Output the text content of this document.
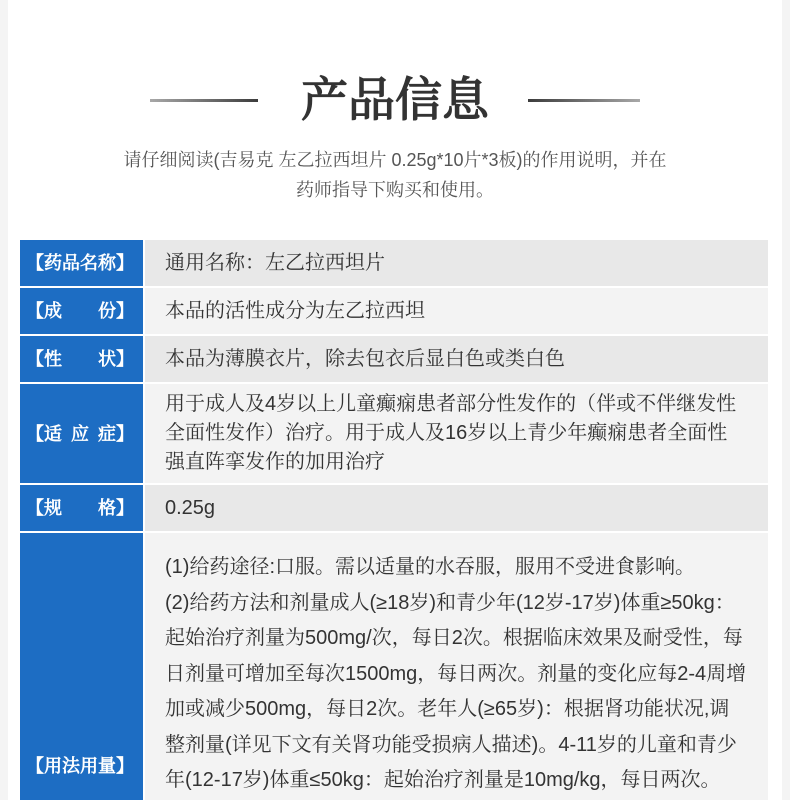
产品信息
请仔细阅读(吉易克 左乙拉西坦片 0.25g*10片*3板)的作用说明，并在
药师指导下购买和使用。
【药品名称】 通用名称：左乙拉西坦片
【成 份】 本品的活性成分为左乙拉西坦
【性 状】 本品为薄膜衣片，除去包衣后显白色或类白色
【适 应 症】
用于成人及4岁以上儿童癫痫患者部分性发作的（伴或不伴继发性
全面性发作）治疗。用于成人及16岁以上青少年癫痫患者全面性
强直阵挛发作的加用治疗
【规 格】 0.25g
【用法用量】
(1)给药途径:口服。需以适量的水吞服，服用不受进食影响。
(2)给药方法和剂量成人(≥18岁)和青少年(12岁-17岁)体重≥50kg：
起始治疗剂量为500mg/次，每日2次。根据临床效果及耐受性，每
日剂量可增加至每次1500mg，每日两次。剂量的变化应每2-4周增
加或减少500mg，每日2次。老年人(≥65岁)：根据肾功能状况,调
整剂量(详见下文有关肾功能受损病人描述)。4-11岁的儿童和青少
年(12-17岁)体重≤50kg：起始治疗剂量是10mg/kg，每日两次。
